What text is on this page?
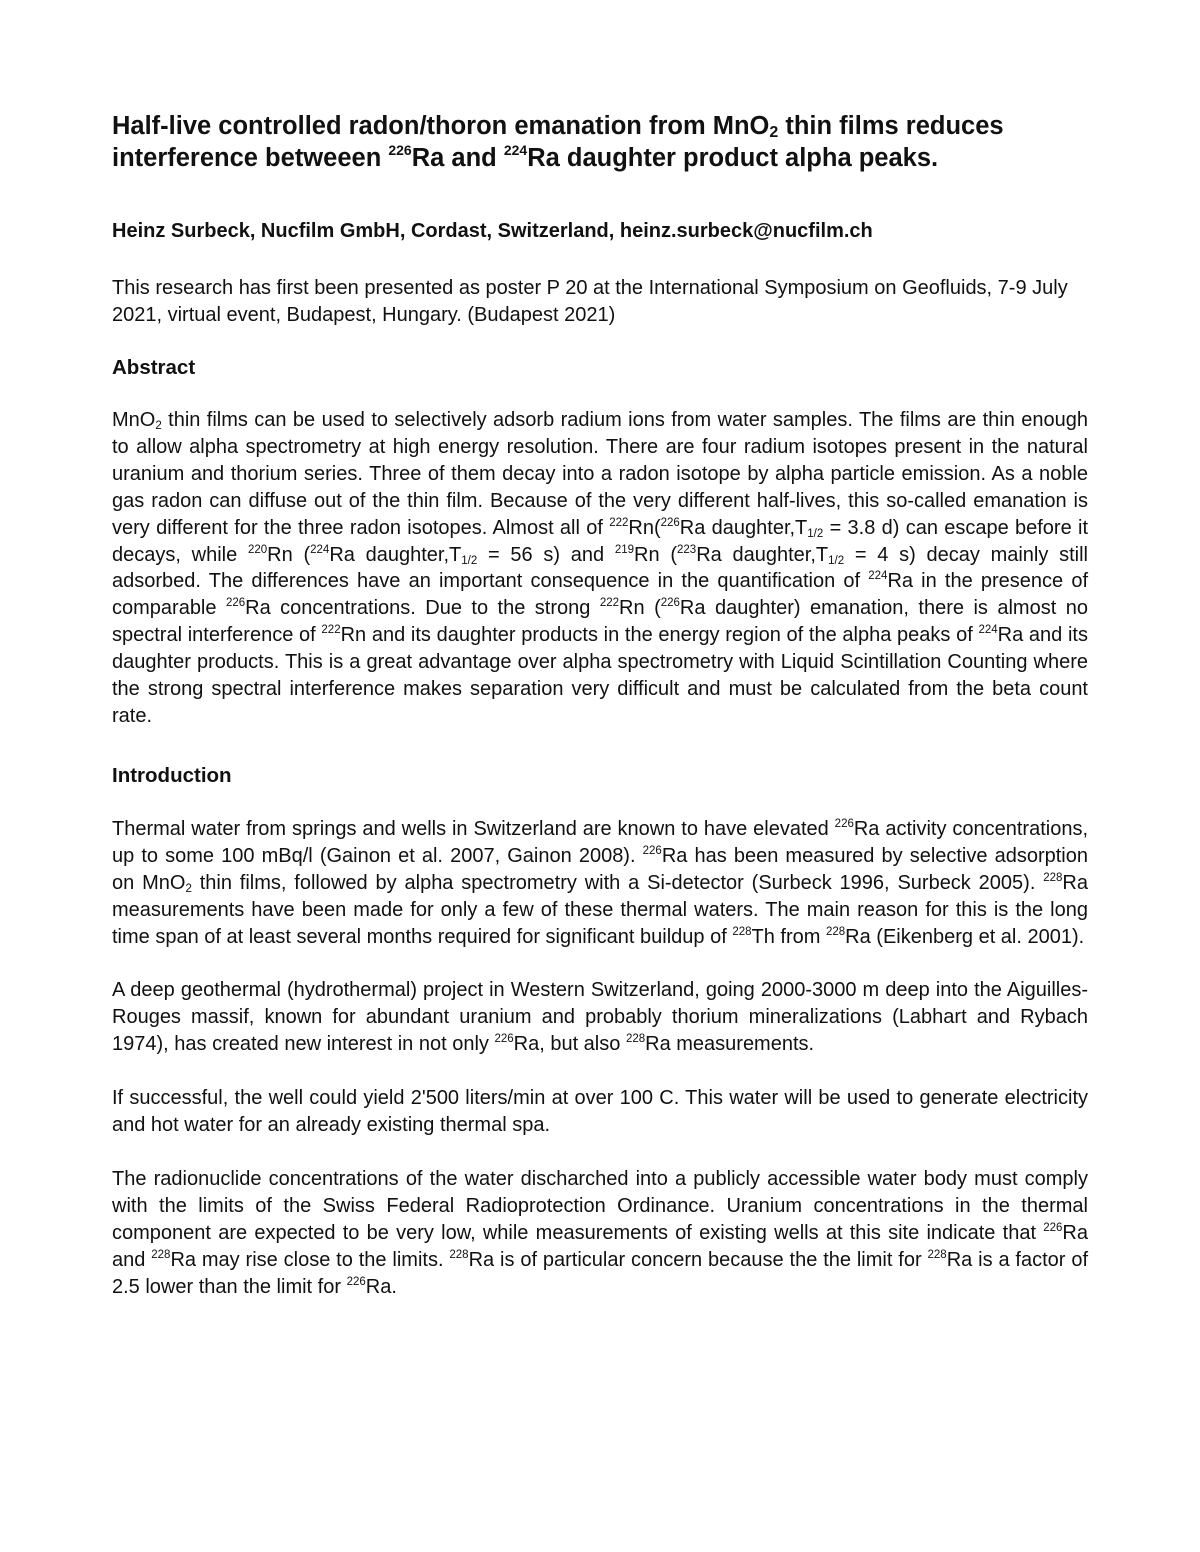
Half-live controlled radon/thoron emanation from MnO$_2$ thin films reduces interference betweeen $^{226}$Ra and $^{224}$Ra daughter product alpha peaks.

Heinz Surbeck, Nucfilm GmbH, Cordast, Switzerland, heinz.surbeck@nucfilm.ch

This research has first been presented as poster P 20 at the International Symposium on Geofluids, 7-9 July 2021, virtual event, Budapest, Hungary. (Budapest 2021)

Abstract

MnO$_2$ thin films can be used to selectively adsorb radium ions from water samples. The films are thin enough to allow alpha spectrometry at high energy resolution. There are four radium isotopes present in the natural uranium and thorium series. Three of them decay into a radon isotope by alpha particle emission. As a noble gas radon can diffuse out of the thin film. Because of the very different half-lives, this so-called emanation is very different for the three radon isotopes. Almost all of $^{222}$Rn($^{226}$Ra $daughter,T_{1/2} = 3.8$ d) can escape before it decays, while $^{220}$Rn ($^{224}$Ra $daughter,T_{1/2} = 56$ s) and $^{219}$Rn ($^{223}$Ra $daughter,T_{1/2} = 4$ s) decay mainly still adsorbed. The differences have an important consequence in the quantification of $^{224}$Ra in the presence of comparable $^{226}$Ra concentrations. Due to the strong $^{222}$Rn ($^{226}$Ra daughter) emanation, there is almost no spectral interference of $^{222}$Rn and its daughter products in the energy region of the alpha peaks of $^{224}$Ra and its daughter products. This is a great advantage over alpha spectrometry with Liquid Scintillation Counting where the strong spectral interference makes separation very difficult and must be calculated from the beta count rate.

Introduction

Thermal water from springs and wells in Switzerland are known to have elevated $^{226}$Ra activity concentrations, up to some 100 mBq/l (Gainon et al. 2007, Gainon 2008). $^{226}$Ra has been measured by selective adsorption on MnO$_2$ thin films, followed by alpha spectrometry with a Si-detector (Surbeck 1996, Surbeck 2005). $^{228}$Ra measurements have been made for only a few of these thermal waters. The main reason for this is the long time span of at least several months required for significant buildup of $^{228}$Th from $^{228}$Ra (Eikenberg et al. 2001).

A deep geothermal (hydrothermal) project in Western Switzerland, going 2000-3000 m deep into the Aiguilles-Rouges massif, known for abundant uranium and probably thorium mineralizations (Labhart and Rybach 1974), has created new interest in not only $^{226}$Ra, but also $^{228}$Ra measurements.

If successful, the well could yield 2'500 liters/min at over 100 C. This water will be used to generate electricity and hot water for an already existing thermal spa.

The radionuclide concentrations of the water discharched into a publicly accessible water body must comply with the limits of the Swiss Federal Radioprotection Ordinance. Uranium concentrations in the thermal component are expected to be very low, while measurements of existing wells at this site indicate that $^{226}$Ra and $^{228}$Ra may rise close to the limits. $^{228}$Ra is of particular concern because the the limit for $^{228}$Ra is a factor of 2.5 lower than the limit for $^{226}$Ra.
